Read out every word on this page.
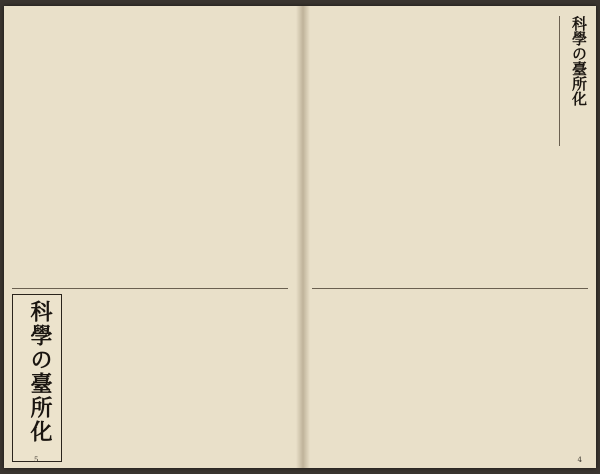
科學の臺所化
5
科學の臺所化
4
